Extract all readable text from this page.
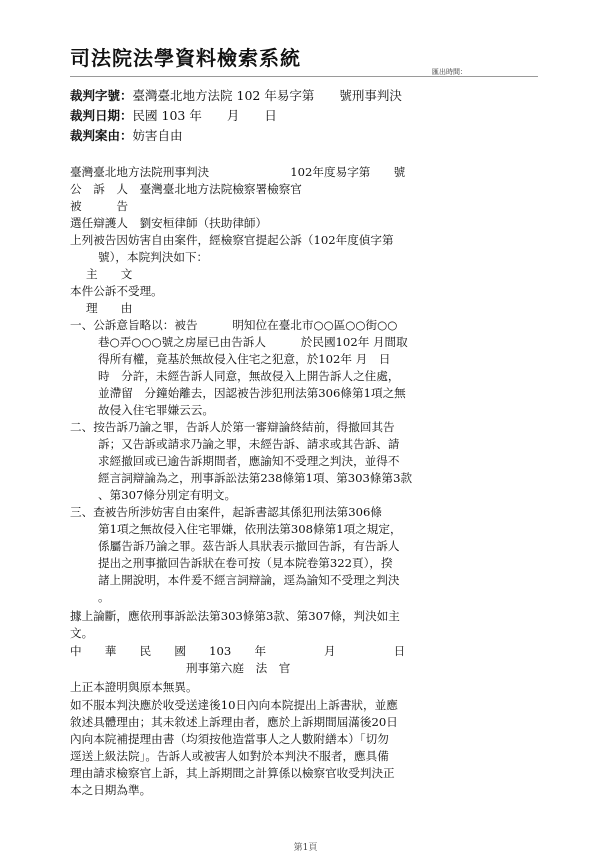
司法院法學資料檢索系統
匯出時間：
裁判字號：臺灣臺北地方法院 102 年易字第　　號刑事判決
裁判日期：民國 103 年　　月　　日
裁判案由：妨害自由
臺灣臺北地方法院刑事判決　　　　　　　102年度易字第　　號
公　訴　人　臺灣臺北地方法院檢察署檢察官
被　　　告
選任辯護人　劉安桓律師（扶助律師）
上列被告因妨害自由案件，經檢察官提起公訴（102年度偵字第
號），本院判決如下：
主　　文
本件公訴不受理。
理　　由
一、公訴意旨略以：被告　　　明知位在臺北市○○區○○街○○
巷○弄○○○號之房屋已由告訴人　　　於民國102年 月間取
得所有權，竟基於無故侵入住宅之犯意，於102年 月　日
時　分許，未經告訴人同意，無故侵入上開告訴人之住處，
並滯留　分鐘始離去，因認被告涉犯刑法第306條第1項之無
故侵入住宅罪嫌云云。
二、按告訴乃論之罪，告訴人於第一審辯論終結前，得撤回其告
訴；又告訴或請求乃論之罪，未經告訴、請求或其告訴、請
求經撤回或已逾告訴期間者，應諭知不受理之判決，並得不
經言詞辯論為之，刑事訴訟法第238條第1項、第303條第3款
、第307條分別定有明文。
三、查被告所涉妨害自由案件，起訴書認其係犯刑法第306條
第1項之無故侵入住宅罪嫌，依刑法第308條第1項之規定，
係屬告訴乃論之罪。茲告訴人具狀表示撤回告訴，有告訴人
提出之刑事撤回告訴狀在卷可按（見本院卷第322頁），揆
諸上開說明，本件爰不經言詞辯論，逕為諭知不受理之判決
。
據上論斷，應依刑事訴訟法第303條第3款、第307條，判決如主
文。
中　　華　　民　　國　　103　　年　　　　　月　　　　　日
刑事第六庭　法　官
上正本證明與原本無異。
如不服本判決應於收受送達後10日內向本院提出上訴書狀，並應
敘述具體理由；其未敘述上訴理由者，應於上訴期間屆滿後20日
內向本院補提理由書（均須按他造當事人之人數附繕本）「切勿
逕送上級法院」。告訴人或被害人如對於本判決不服者，應具備
理由請求檢察官上訴，其上訴期間之計算係以檢察官收受判決正
本之日期為準。
第1頁
